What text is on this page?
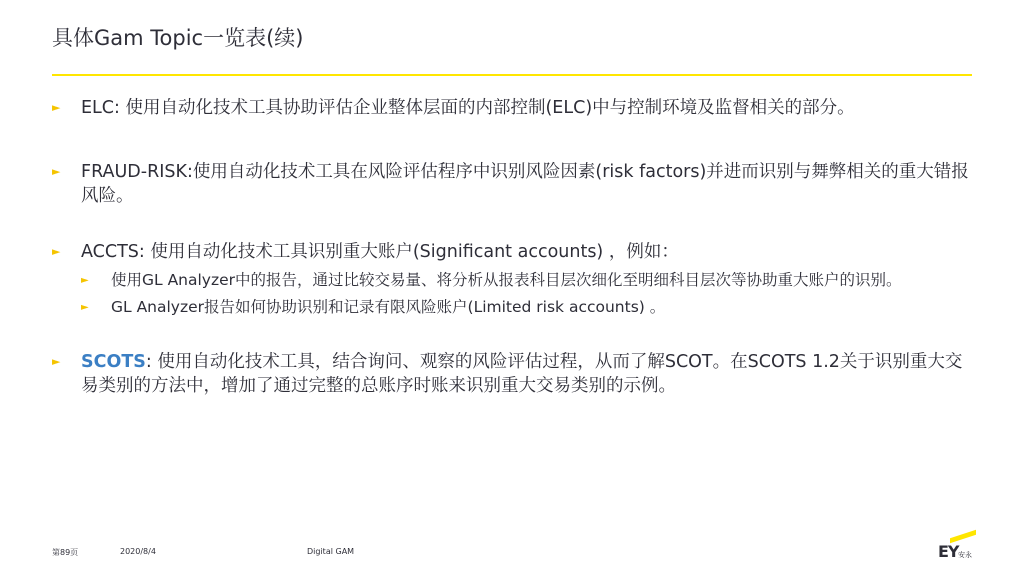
具体Gam Topic一览表(续)
►	ELC: 使用自动化技术工具协助评估企业整体层面的内部控制(ELC)中与控制环境及监督相关的部分。
►	FRAUD-RISK:使用自动化技术工具在风险评估程序中识别风险因素(risk factors)并进而识别与舞弊相关的重大错报风险。
►	ACCTS: 使用自动化技术工具识别重大账户(Significant accounts) ，例如：
►	使用GL Analyzer中的报告，通过比较交易量、将分析从报表科目层次细化至明细科目层次等协助重大账户的识别。
►	GL Analyzer报告如何协助识别和记录有限风险账户(Limited risk accounts) 。
►	SCOTS: 使用自动化技术工具，结合询问、观察的风险评估过程，从而了解SCOT。在SCOTS 1.2关于识别重大交易类别的方法中，增加了通过完整的总账序时账来识别重大交易类别的示例。
第89页	2020/8/4	Digital GAM	EY 安永
